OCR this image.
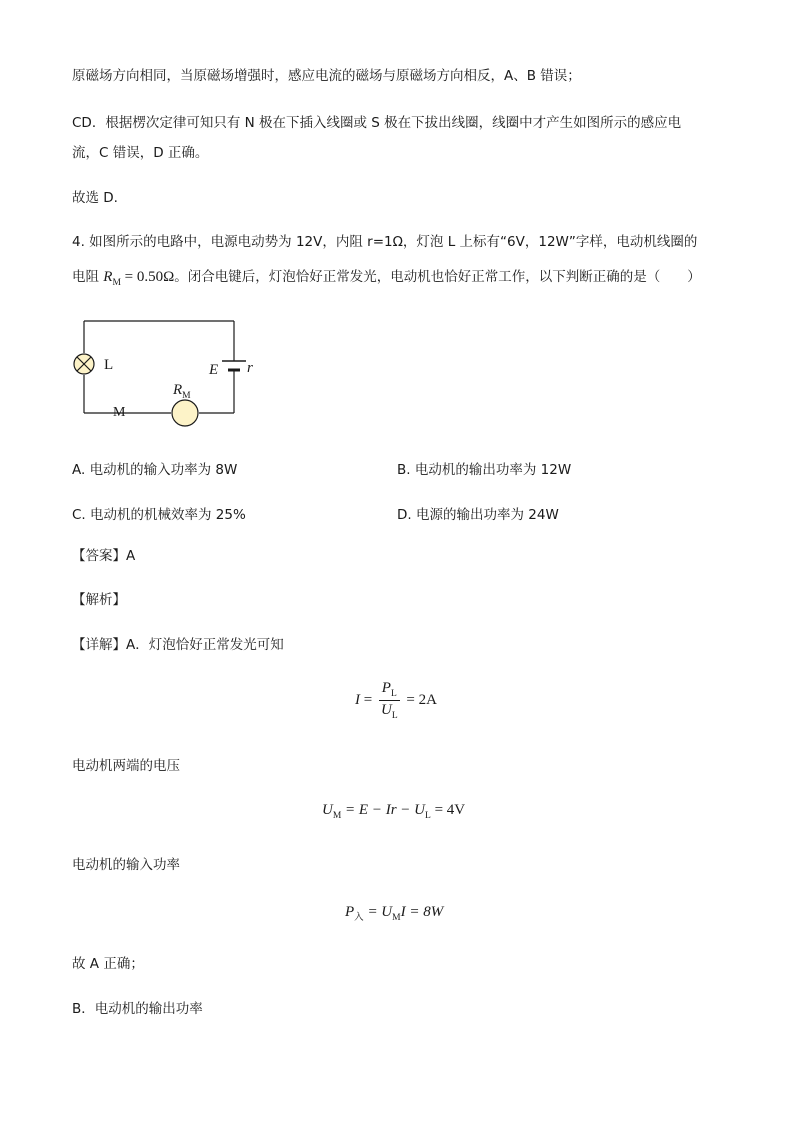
原磁场方向相同，当原磁场增强时，感应电流的磁场与原磁场方向相反，A、B 错误；
CD．根据楞次定律可知只有 N 极在下插入线圈或 S 极在下拔出线圈，线圈中才产生如图所示的感应电
流，C 错误，D 正确。
故选 D.
4. 如图所示的电路中，电源电动势为 12V，内阻 r=1Ω，灯泡 L 上标有“6V，12W”字样，电动机线圈的
电阻 $R_M = 0.50\Omega$。闭合电键后，灯泡恰好正常发光，电动机也恰好正常工作，以下判断正确的是（　　）
M
L	E r
$R_M$
A. 电动机的输入功率为 8W	B. 电动机的输出功率为 12W
C. 电动机的机械效率为 25%	D. 电源的输出功率为 24W
【答案】A
【解析】
【详解】A．灯泡恰好正常发光可知
$I = \frac{P_L}{U_L} = 2A$
电动机两端的电压
$U_M = E - Ir - U_L = 4V$
电动机的输入功率
$P_入 = U_MI = 8W$
故 A 正确；
B．电动机的输出功率
